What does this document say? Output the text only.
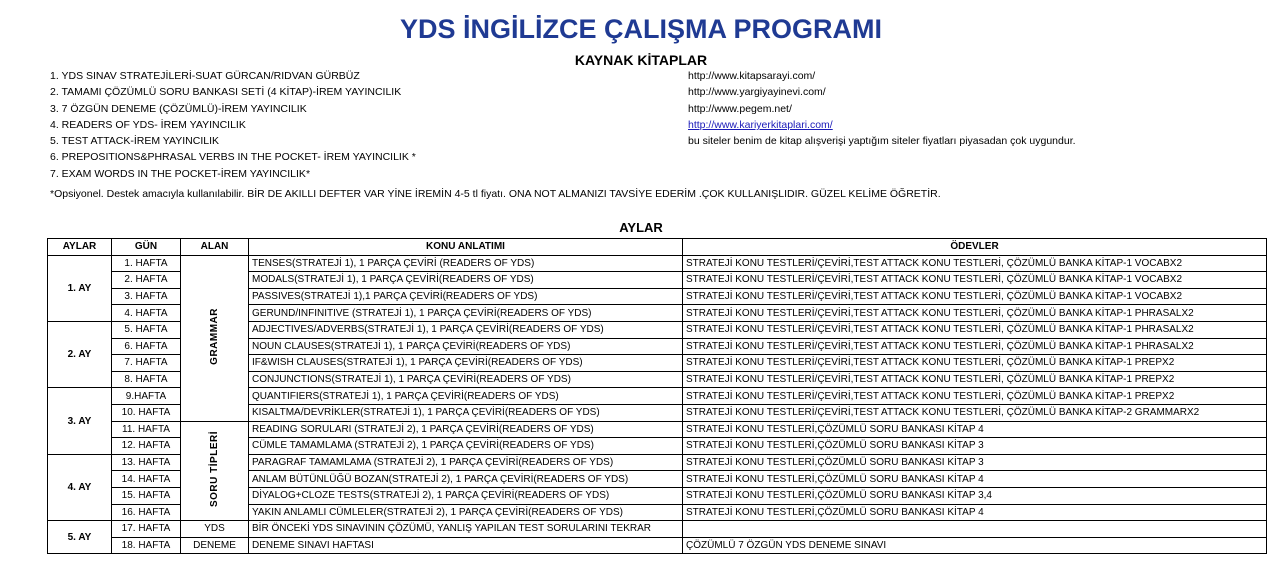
YDS İNGİLİZCE ÇALIŞMA PROGRAMI
KAYNAK KİTAPLAR
1. YDS SINAV STRATEJİLERİ-SUAT GÜRCAN/RIDVAN GÜRBÜZ
2. TAMAMI ÇÖZÜMLÜ SORU BANKASI SETİ (4 KİTAP)-İREM YAYINCILIK
3. 7 ÖZGÜN DENEME (ÇÖZÜMLÜ)-İREM YAYINCILIK
4. READERS OF YDS- İREM YAYINCILIK
5. TEST ATTACK-İREM YAYINCILIK
6. PREPOSITIONS&PHRASAL VERBS IN THE POCKET- İREM YAYINCILIK *
7. EXAM WORDS IN THE POCKET-İREM YAYINCILIK*
http://www.kitapsarayi.com/
http://www.yargiyayinevi.com/
http://www.pegem.net/
http://www.kariyerkitaplari.com/
bu siteler benim de kitap alışverişi yaptığım siteler fiyatları piyasadan çok uygundur.
*Opsiyonel. Destek amacıyla kullanılabilir. BİR DE AKILLI DEFTER VAR YİNE İREMİN 4-5 tl fiyatı. ONA NOT ALMANIZI TAVSİYE EDERİM .ÇOK KULLANIŞLIDIR. GÜZEL KELİME ÖĞRETİR.
AYLAR
AYLAR	GÜN	ALAN	KONU ANLATIMI	ÖDEVLER
1. AY	1. HAFTA	GRAMMAR	TENSES(STRATEJİ 1), 1 PARÇA ÇEVİRİ (READERS OF YDS)	STRATEJİ KONU TESTLERİ/ÇEVİRİ,TEST ATTACK KONU TESTLERİ, ÇÖZÜMLÜ BANKA KİTAP-1 VOCABX2
	2. HAFTA		MODALS(STRATEJİ 1), 1 PARÇA ÇEVİRİ(READERS OF YDS)	STRATEJİ KONU TESTLERİ/ÇEVİRİ,TEST ATTACK KONU TESTLERİ, ÇÖZÜMLÜ BANKA KİTAP-1 VOCABX2
	3. HAFTA		PASSIVES(STRATEJİ 1),1 PARÇA ÇEVİRİ(READERS OF YDS)	STRATEJİ KONU TESTLERİ/ÇEVİRİ,TEST ATTACK KONU TESTLERİ, ÇÖZÜMLÜ BANKA KİTAP-1 VOCABX2
	4. HAFTA		GERUND/INFINITIVE (STRATEJİ 1), 1 PARÇA ÇEVİRİ(READERS OF YDS)	STRATEJİ KONU TESTLERİ/ÇEVİRİ,TEST ATTACK KONU TESTLERİ, ÇÖZÜMLÜ BANKA KİTAP-1 PHRASALX2
2. AY	5. HAFTA		ADJECTIVES/ADVERBS(STRATEJİ 1), 1 PARÇA ÇEVİRİ(READERS OF YDS)	STRATEJİ KONU TESTLERİ/ÇEVİRİ,TEST ATTACK KONU TESTLERİ, ÇÖZÜMLÜ BANKA KİTAP-1 PHRASALX2
	6. HAFTA		NOUN CLAUSES(STRATEJİ 1), 1 PARÇA ÇEVİRİ(READERS OF YDS)	STRATEJİ KONU TESTLERİ/ÇEVİRİ,TEST ATTACK KONU TESTLERİ, ÇÖZÜMLÜ BANKA KİTAP-1 PHRASALX2
	7. HAFTA		IF&WISH CLAUSES(STRATEJİ 1), 1 PARÇA ÇEVİRİ(READERS OF YDS)	STRATEJİ KONU TESTLERİ/ÇEVİRİ,TEST ATTACK KONU TESTLERİ, ÇÖZÜMLÜ BANKA KİTAP-1 PREPX2
	8. HAFTA		CONJUNCTIONS(STRATEJİ 1), 1 PARÇA ÇEVİRİ(READERS OF YDS)	STRATEJİ KONU TESTLERİ/ÇEVİRİ,TEST ATTACK KONU TESTLERİ, ÇÖZÜMLÜ BANKA KİTAP-1 PREPX2
3. AY	9.HAFTA		QUANTIFIERS(STRATEJİ 1), 1 PARÇA ÇEVİRİ(READERS OF YDS)	STRATEJİ KONU TESTLERİ/ÇEVİRİ,TEST ATTACK KONU TESTLERİ, ÇÖZÜMLÜ BANKA KİTAP-1 PREPX2
	10. HAFTA		KISALTMA/DEVRİKLER(STRATEJİ 1), 1 PARÇA ÇEVİRİ(READERS OF YDS)	STRATEJİ KONU TESTLERİ/ÇEVİRİ,TEST ATTACK KONU TESTLERİ, ÇÖZÜMLÜ BANKA KİTAP-2 GRAMMARX2
	11. HAFTA	SORU TİPLERİ	READING SORULARI (STRATEJİ 2), 1 PARÇA ÇEVİRİ(READERS OF YDS)	STRATEJİ KONU TESTLERİ,ÇÖZÜMLÜ SORU BANKASI KİTAP 4
	12. HAFTA		CÜMLE TAMAMLAMA (STRATEJİ 2), 1 PARÇA ÇEVİRİ(READERS OF YDS)	STRATEJİ KONU TESTLERİ,ÇÖZÜMLÜ SORU BANKASI KİTAP 3
4. AY	13. HAFTA		PARAGRAF TAMAMLAMA (STRATEJİ 2), 1 PARÇA ÇEVİRİ(READERS OF YDS)	STRATEJİ KONU TESTLERİ,ÇÖZÜMLÜ SORU BANKASI KİTAP 3
	14. HAFTA		ANLAM BÜTÜNLÜĞÜ BOZAN(STRATEJİ 2), 1 PARÇA ÇEVİRİ(READERS OF YDS)	STRATEJİ KONU TESTLERİ,ÇÖZÜMLÜ SORU BANKASI KİTAP 4
	15. HAFTA		DİYALOG+CLOZE TESTS(STRATEJİ 2), 1 PARÇA ÇEVİRİ(READERS OF YDS)	STRATEJİ KONU TESTLERİ,ÇÖZÜMLÜ SORU BANKASI KİTAP 3,4
	16. HAFTA		YAKIN ANLAMLI CÜMLELER(STRATEJİ 2), 1 PARÇA ÇEVİRİ(READERS OF YDS)	STRATEJİ KONU TESTLERİ,ÇÖZÜMLÜ SORU BANKASI KİTAP 4
5. AY	17. HAFTA	YDS	BİR ÖNCEKİ YDS SINAVININ ÇÖZÜMÜ, YANLIŞ YAPILAN TEST SORULARINI TEKRAR	
	18. HAFTA	DENEME	DENEME SINAVI HAFTASI	ÇÖZÜMLÜ 7 ÖZGÜN YDS DENEME SINAVI
